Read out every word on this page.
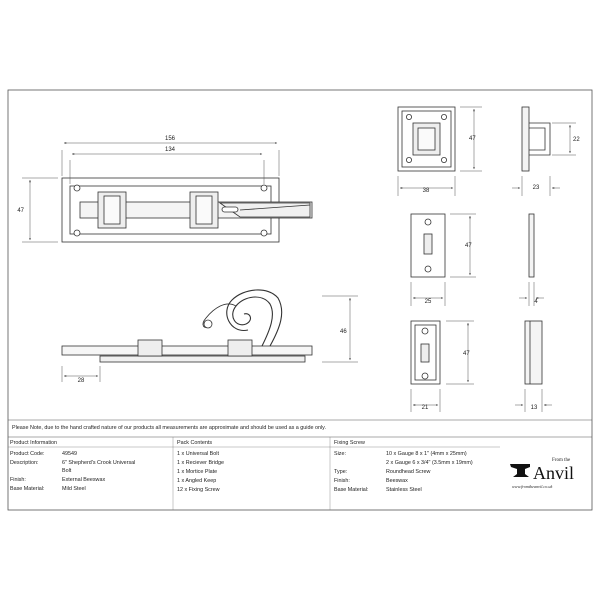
156
134
47
46
28
47
38
22
23
47
25	4
47
21	13
Please Note, due to the hand crafted nature of our products all measurements are approximate and should be used as a guide only.
Product Information
Product Code:	49549
Description:	6" Shepherd's Crook Universal
Bolt
Finish:	External Beeswax
Base Material:	Mild Steel
Pack Contents
1 x Universal Bolt
1 x Reciever Bridge
1 x Mortice Plate
1 x Angled Keep
12 x Fixing Screw
Fixing Screw
Size:	10 x Gauge 8 x 1" (4mm x 25mm)
2 x Gauge 6 x 3/4" (3.5mm x 19mm)
Type:	Roundhead Screw
Finish:	Beeswax
Base Material:	Stainless Steel
From the
Anvil
www.fromtheanvil.co.uk
